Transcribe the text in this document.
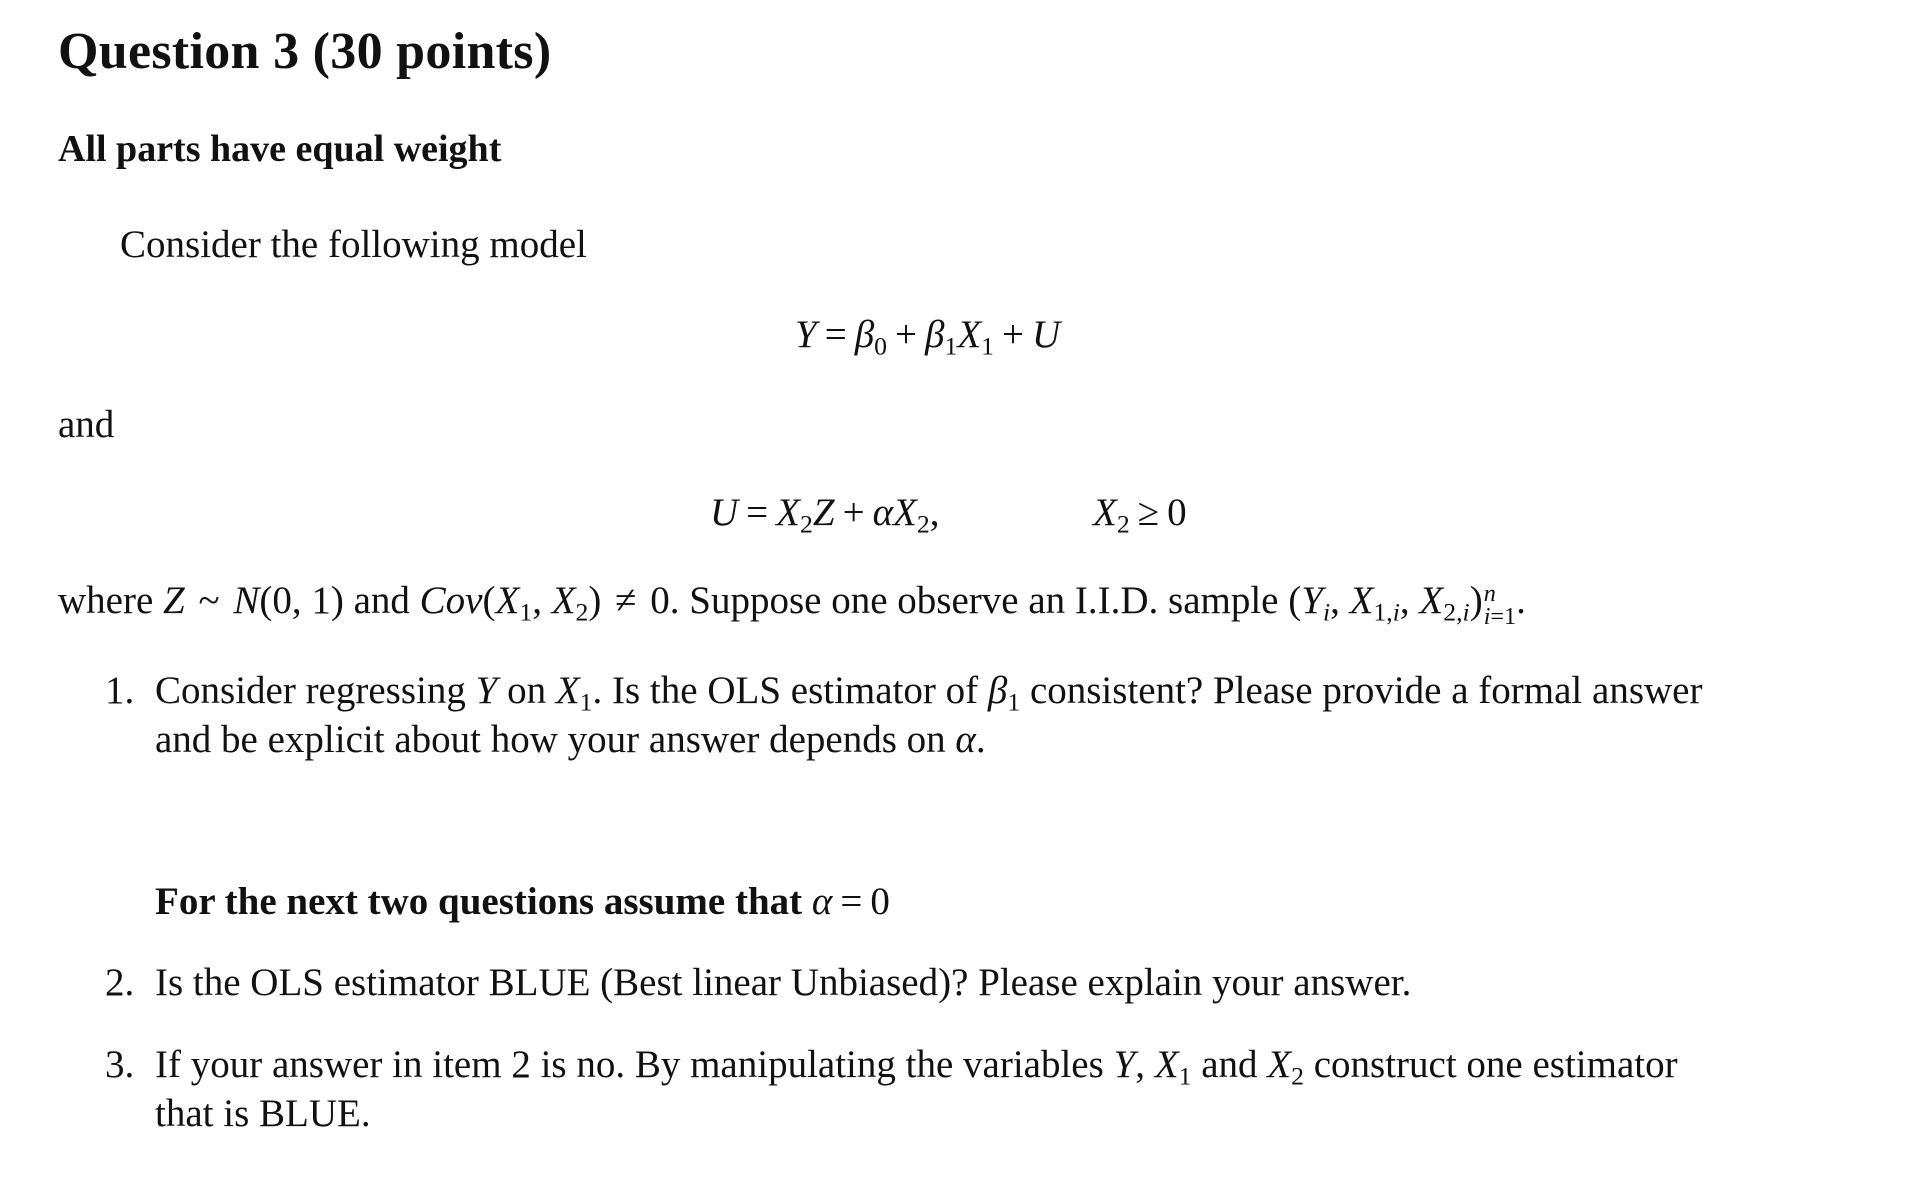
Question 3 (30 points)
All parts have equal weight
Consider the following model
$Y = \beta_0 + \beta_1X_1 + U$
and
$U = X_2Z + \alpha X_2$,	$X_2 \ge 0$
where Z ~ N(0, 1) and $Cov(X_1$, $X_2) \ne 0$. Suppose one observe an I.I.D. sample ($Y_i$, $X_{1,i}$, $X_{2,i}$) n
i=1 .
1. Consider regressing Y on $X_1$. Is the OLS estimator of $\beta_1$ consistent? Please provide a formal answer
and be explicit about how your answer depends on α.
For the next two questions assume that α = 0
2. Is the OLS estimator BLUE (Best linear Unbiased)? Please explain your answer.
3. If your answer in item 2 is no. By manipulating the variables Y, $X_1$ and $X_2$ construct one estimator
that is BLUE.
